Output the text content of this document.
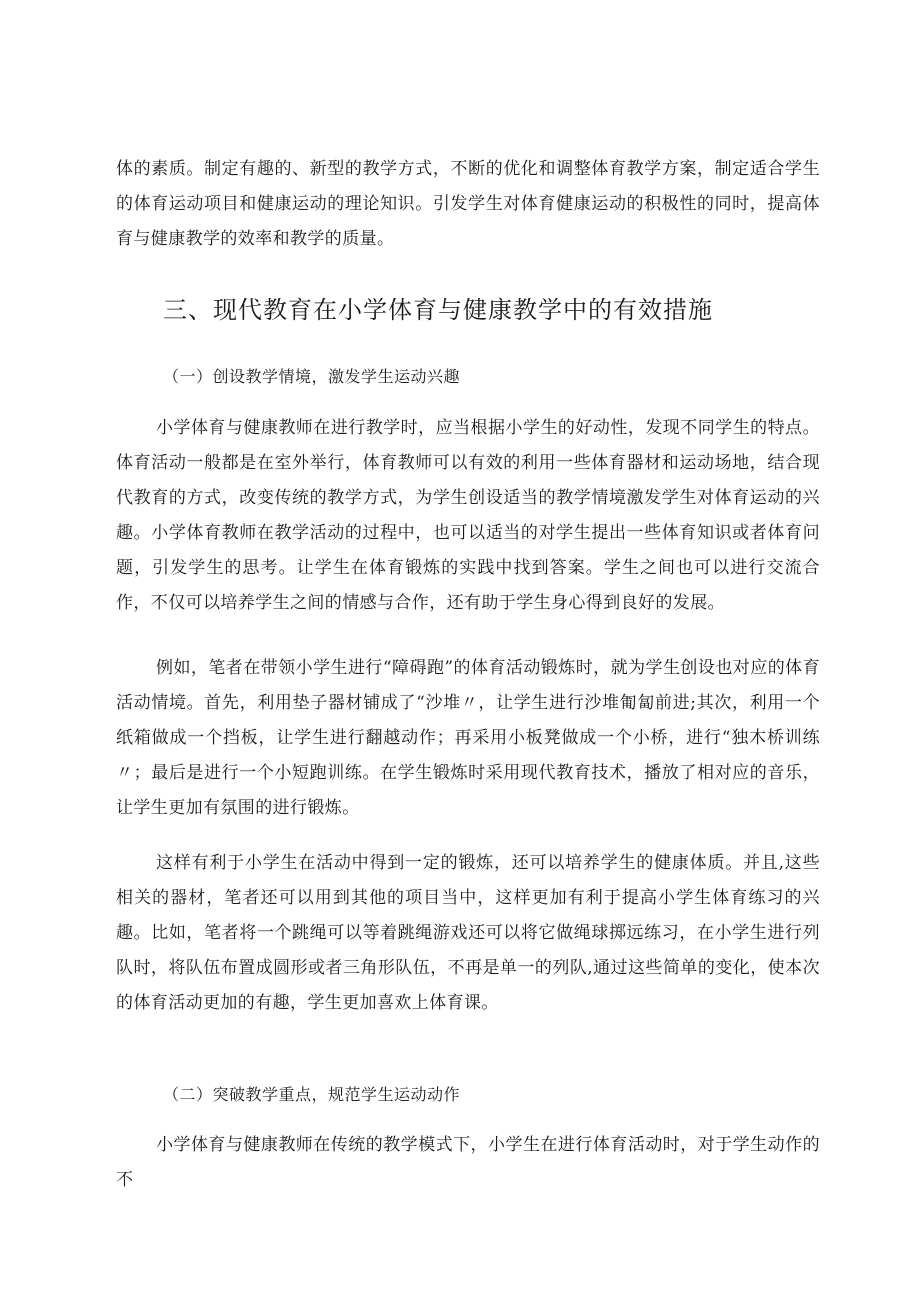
体的素质。制定有趣的、新型的教学方式，不断的优化和调整体育教学方案，制定适合学生的体育运动项目和健康运动的理论知识。引发学生对体育健康运动的积极性的同时，提高体育与健康教学的效率和教学的质量。

三、现代教育在小学体育与健康教学中的有效措施
（一）创设教学情境，激发学生运动兴趣

小学体育与健康教师在进行教学时，应当根据小学生的好动性，发现不同学生的特点。体育活动一般都是在室外举行，体育教师可以有效的利用一些体育器材和运动场地，结合现代教育的方式，改变传统的教学方式，为学生创设适当的教学情境激发学生对体育运动的兴趣。小学体育教师在教学活动的过程中，也可以适当的对学生提出一些体育知识或者体育问题，引发学生的思考。让学生在体育锻炼的实践中找到答案。学生之间也可以进行交流合作，不仅可以培养学生之间的情感与合作，还有助于学生身心得到良好的发展。

例如，笔者在带领小学生进行“障碍跑”的体育活动锻炼时，就为学生创设也对应的体育活动情境。首先，利用垫子器材铺成了“沙堆〃，让学生进行沙堆匍匐前进;其次，利用一个纸箱做成一个挡板，让学生进行翻越动作；再采用小板凳做成一个小桥，进行“独木桥训练〃；最后是进行一个小短跑训练。在学生锻炼时采用现代教育技术，播放了相对应的音乐，让学生更加有氛围的进行锻炼。

这样有利于小学生在活动中得到一定的锻炼，还可以培养学生的健康体质。并且,这些相关的器材，笔者还可以用到其他的项目当中，这样更加有利于提高小学生体育练习的兴趣。比如，笔者将一个跳绳可以等着跳绳游戏还可以将它做绳球掷远练习，在小学生进行列队时，将队伍布置成圆形或者三角形队伍，不再是单一的列队,通过这些简单的变化，使本次的体育活动更加的有趣，学生更加喜欢上体育课。

（二）突破教学重点，规范学生运动动作

小学体育与健康教师在传统的教学模式下，小学生在进行体育活动时，对于学生动作的不
